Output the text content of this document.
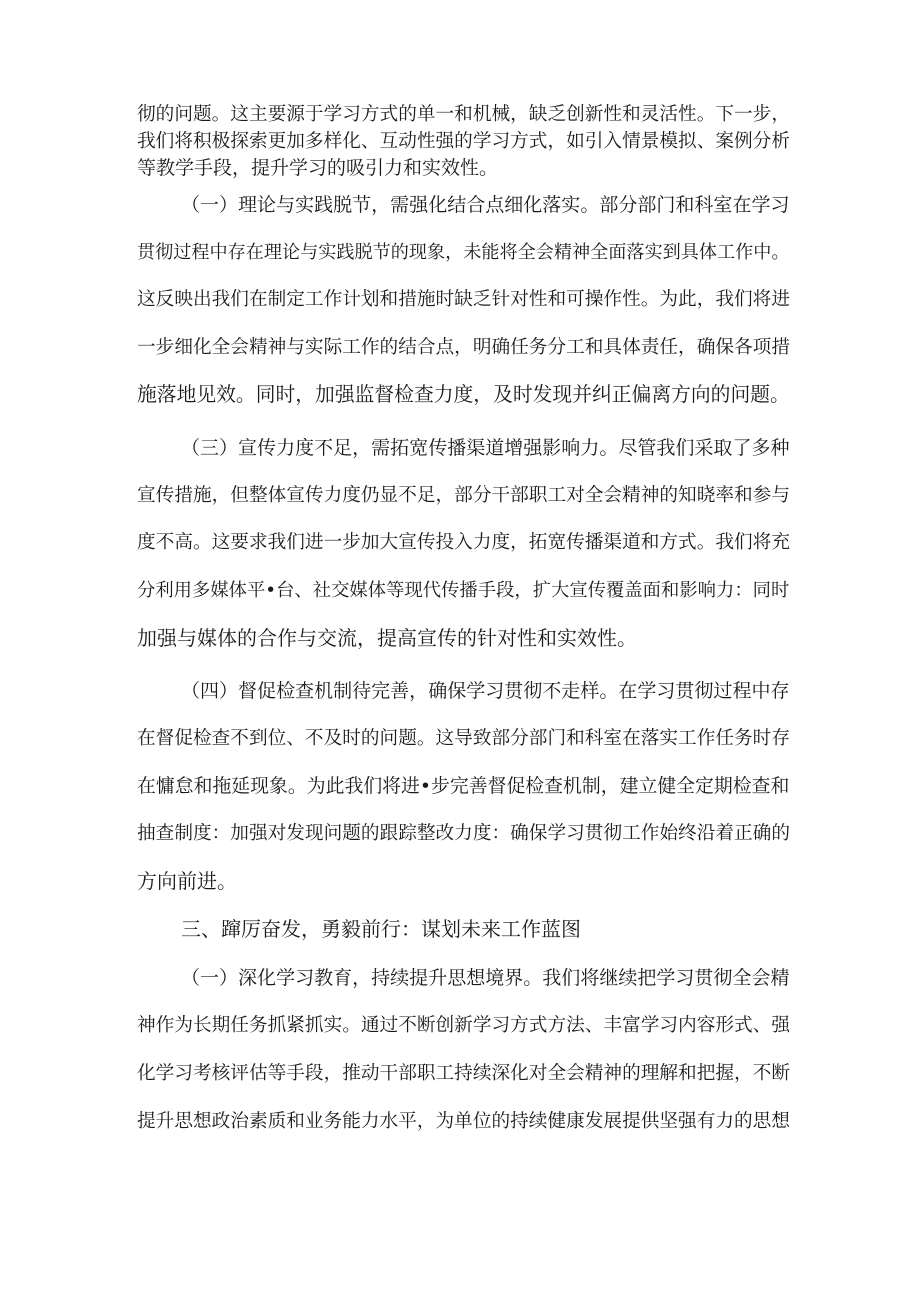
彻的问题。这主要源于学习方式的单一和机械，缺乏创新性和灵活性。下一步，
我们将积极探索更加多样化、互动性强的学习方式，如引入情景模拟、案例分析
等教学手段，提升学习的吸引力和实效性。
（一）理论与实践脱节，需强化结合点细化落实。部分部门和科室在学习
贯彻过程中存在理论与实践脱节的现象，未能将全会精神全面落实到具体工作中。
这反映出我们在制定工作计划和措施时缺乏针对性和可操作性。为此，我们将进
一步细化全会精神与实际工作的结合点，明确任务分工和具体责任，确保各项措
施落地见效。同时，加强监督检查力度，及时发现并纠正偏离方向的问题。
（三）宣传力度不足，需拓宽传播渠道增强影响力。尽管我们采取了多种
宣传措施，但整体宣传力度仍显不足，部分干部职工对全会精神的知晓率和参与
度不高。这要求我们进一步加大宣传投入力度，拓宽传播渠道和方式。我们将充
分利用多媒体平•台、社交媒体等现代传播手段，扩大宣传覆盖面和影响力：同时
加强与媒体的合作与交流，提高宣传的针对性和实效性。
（四）督促检查机制待完善，确保学习贯彻不走样。在学习贯彻过程中存
在督促检查不到位、不及时的问题。这导致部分部门和科室在落实工作任务时存
在慵怠和拖延现象。为此我们将进•步完善督促检查机制，建立健全定期检查和
抽查制度：加强对发现问题的跟踪整改力度：确保学习贯彻工作始终沿着正确的
方向前进。
三、蹿厉奋发，勇毅前行：谋划未来工作蓝图
（一）深化学习教育，持续提升思想境界。我们将继续把学习贯彻全会精
神作为长期任务抓紧抓实。通过不断创新学习方式方法、丰富学习内容形式、强
化学习考核评估等手段，推动干部职工持续深化对全会精神的理解和把握，不断
提升思想政治素质和业务能力水平，为单位的持续健康发展提供坚强有力的思想
